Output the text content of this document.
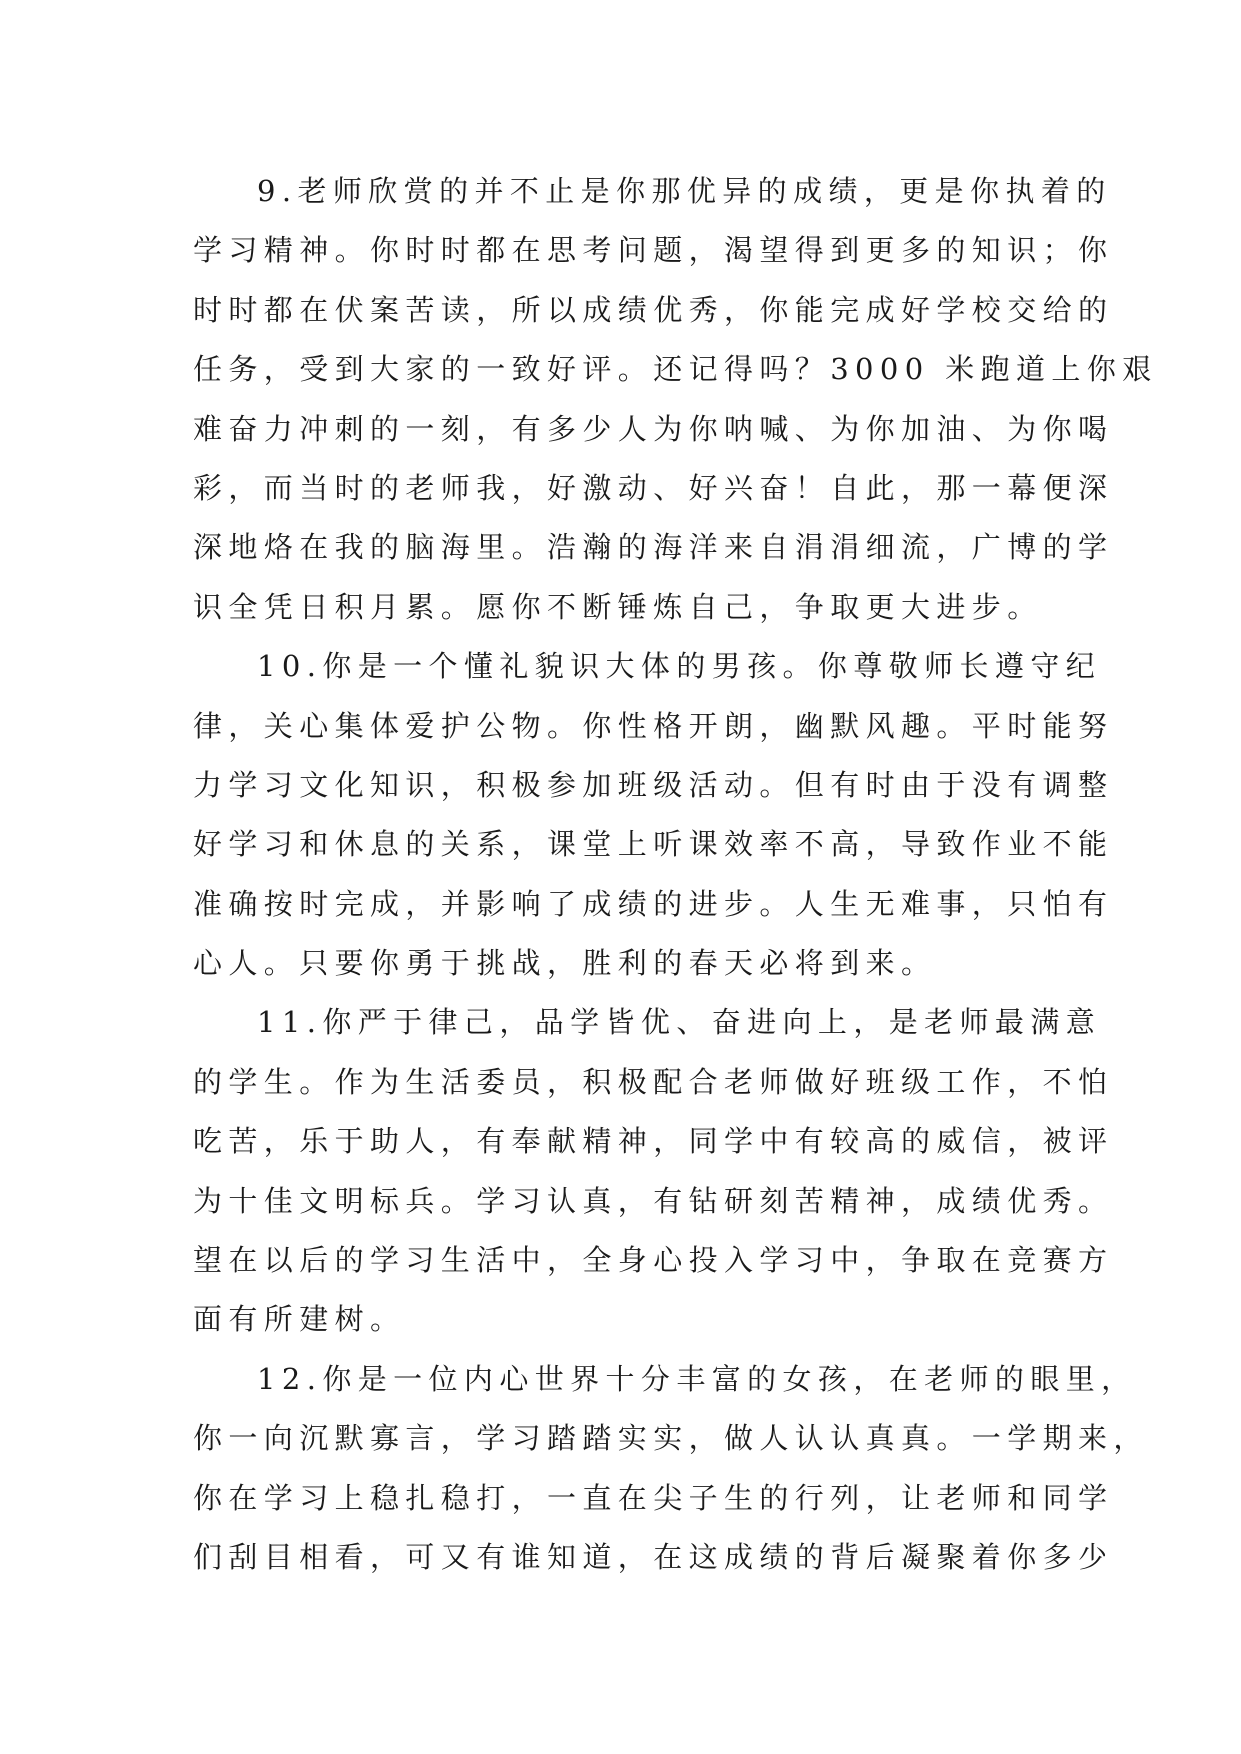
9.老师欣赏的并不止是你那优异的成绩，更是你执着的
学习精神。你时时都在思考问题，渴望得到更多的知识；你
时时都在伏案苦读，所以成绩优秀，你能完成好学校交给的
任务，受到大家的一致好评。还记得吗？3000 米跑道上你艰
难奋力冲刺的一刻，有多少人为你呐喊、为你加油、为你喝
彩，而当时的老师我，好激动、好兴奋！自此，那一幕便深
深地烙在我的脑海里。浩瀚的海洋来自涓涓细流，广博的学
识全凭日积月累。愿你不断锤炼自己，争取更大进步。
10.你是一个懂礼貌识大体的男孩。你尊敬师长遵守纪
律，关心集体爱护公物。你性格开朗，幽默风趣。平时能努
力学习文化知识，积极参加班级活动。但有时由于没有调整
好学习和休息的关系，课堂上听课效率不高，导致作业不能
准确按时完成，并影响了成绩的进步。人生无难事，只怕有
心人。只要你勇于挑战，胜利的春天必将到来。
11.你严于律己，品学皆优、奋进向上，是老师最满意
的学生。作为生活委员，积极配合老师做好班级工作，不怕
吃苦，乐于助人，有奉献精神，同学中有较高的威信，被评
为十佳文明标兵。学习认真，有钻研刻苦精神，成绩优秀。
望在以后的学习生活中，全身心投入学习中，争取在竞赛方
面有所建树。
12.你是一位内心世界十分丰富的女孩，在老师的眼里，
你一向沉默寡言，学习踏踏实实，做人认认真真。一学期来，
你在学习上稳扎稳打，一直在尖子生的行列，让老师和同学
们刮目相看，可又有谁知道，在这成绩的背后凝聚着你多少
